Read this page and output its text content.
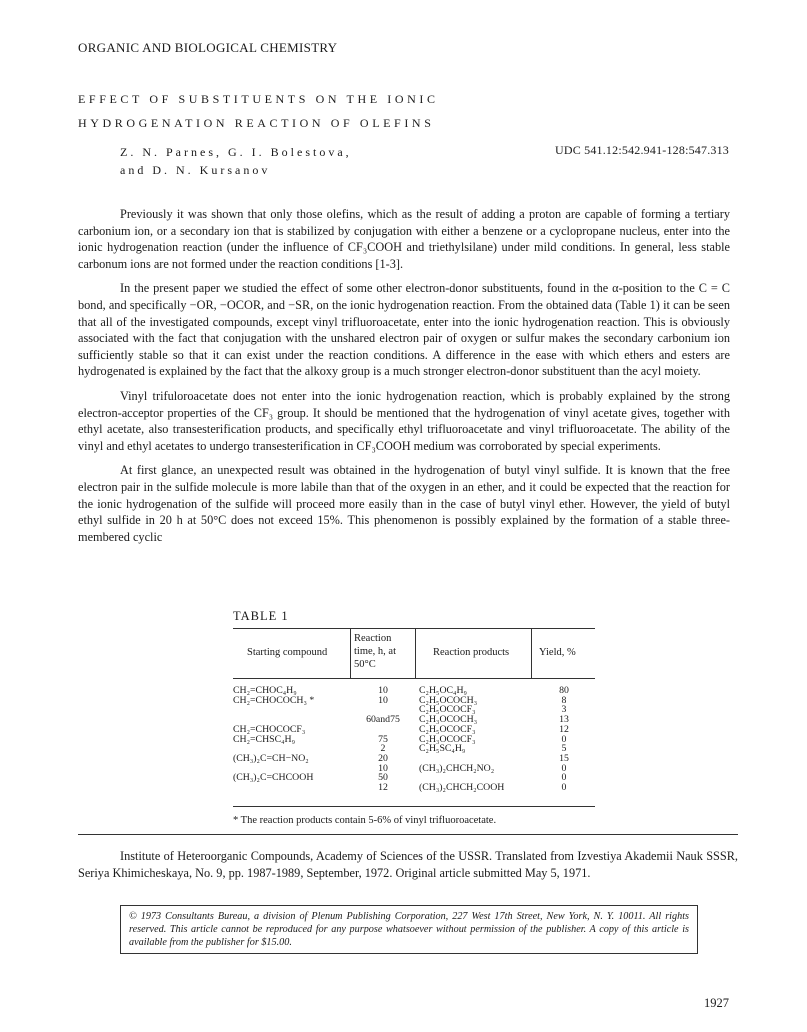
ORGANIC AND BIOLOGICAL CHEMISTRY
EFFECT OF SUBSTITUENTS ON THE IONIC
HYDROGENATION REACTION OF OLEFINS
Z. N. Parnes, G. I. Bolestova,
and D. N. Kursanov
UDC 541.12:542.941-128:547.313

Previously it was shown that only those olefins, which as the result of adding a proton are capable of forming a tertiary carbonium ion, or a secondary ion that is stabilized by conjugation with either a benzene or a cyclopropane nucleus, enter into the ionic hydrogenation reaction (under the influence of CF₃COOH and triethylsilane) under mild conditions. In general, less stable carbonum ions are not formed under the reaction conditions [1-3].

In the present paper we studied the effect of some other electron-donor substituents, found in the α-position to the C = C bond, and specifically −OR, −OCOR, and −SR, on the ionic hydrogenation reaction. From the obtained data (Table 1) it can be seen that all of the investigated compounds, except vinyl trifluoroacetate, enter into the ionic hydrogenation reaction. This is obviously associated with the fact that conjugation with the unshared electron pair of oxygen or sulfur makes the secondary carbonium ion sufficiently stable so that it can exist under the reaction conditions. A difference in the ease with which ethers and esters are hydrogenated is explained by the fact that the alkoxy group is a much stronger electron-donor substituent than the acyl moiety.

Vinyl trifuloroacetate does not enter into the ionic hydrogenation reaction, which is probably explained by the strong electron-acceptor properties of the CF₃ group. It should be mentioned that the hydrogenation of vinyl acetate gives, together with ethyl acetate, also transesterification products, and specifically ethyl trifluoroacetate and vinyl trifluoroacetate. The ability of the vinyl and ethyl acetates to undergo transesterification in CF₃COOH medium was corroborated by special experiments.

At first glance, an unexpected result was obtained in the hydrogenation of butyl vinyl sulfide. It is known that the free electron pair in the sulfide molecule is more labile than that of the oxygen in an ether, and it could be expected that the reaction for the ionic hydrogenation of the sulfide will proceed more easily than in the case of butyl vinyl ether. However, the yield of butyl ethyl sulfide in 20 h at 50°C does not exceed 15%. This phenomenon is possibly explained by the formation of a stable three-membered cyclic

TABLE 1
Starting compound
Reaction time, h, at 50°C
Reaction products	Yield, %
CH₂=CHOC₄H₉
CH₂=CHOCOCH₃ *

CH₂=CHOCOCF₃
CH₂=CHSC₄H₉

(CH₃)₂C=CH−NO₂

(CH₃)₂C=CHCOOH
10
10

60and75

75
2
20
10
50
12
C₂H₅OC₄H₉
C₂H₅OCOCH₃
C₂H₅OCOCF₃
C₂H₃OCOCH₃
C₂H₅OCOCF₃
C₂H₃OCOCF₃
C₂H₅SC₄H₉

(CH₃)₂CHCH₂NO₂

(CH₃)₂CHCH₂COOH
80
8
3
13
12
0
5
15
0
0
0
* The reaction products contain 5-6% of vinyl trifluoroacetate.
Institute of Heteroorganic Compounds, Academy of Sciences of the USSR. Translated from Izvestiya Akademii Nauk SSSR, Seriya Khimicheskaya, No. 9, pp. 1987-1989, September, 1972. Original article submitted May 5, 1971.
© 1973 Consultants Bureau, a division of Plenum Publishing Corporation, 227 West 17th Street, New York, N. Y. 10011. All rights reserved. This article cannot be reproduced for any purpose whatsoever without permission of the publisher. A copy of this article is available from the publisher for $15.00.
1927
